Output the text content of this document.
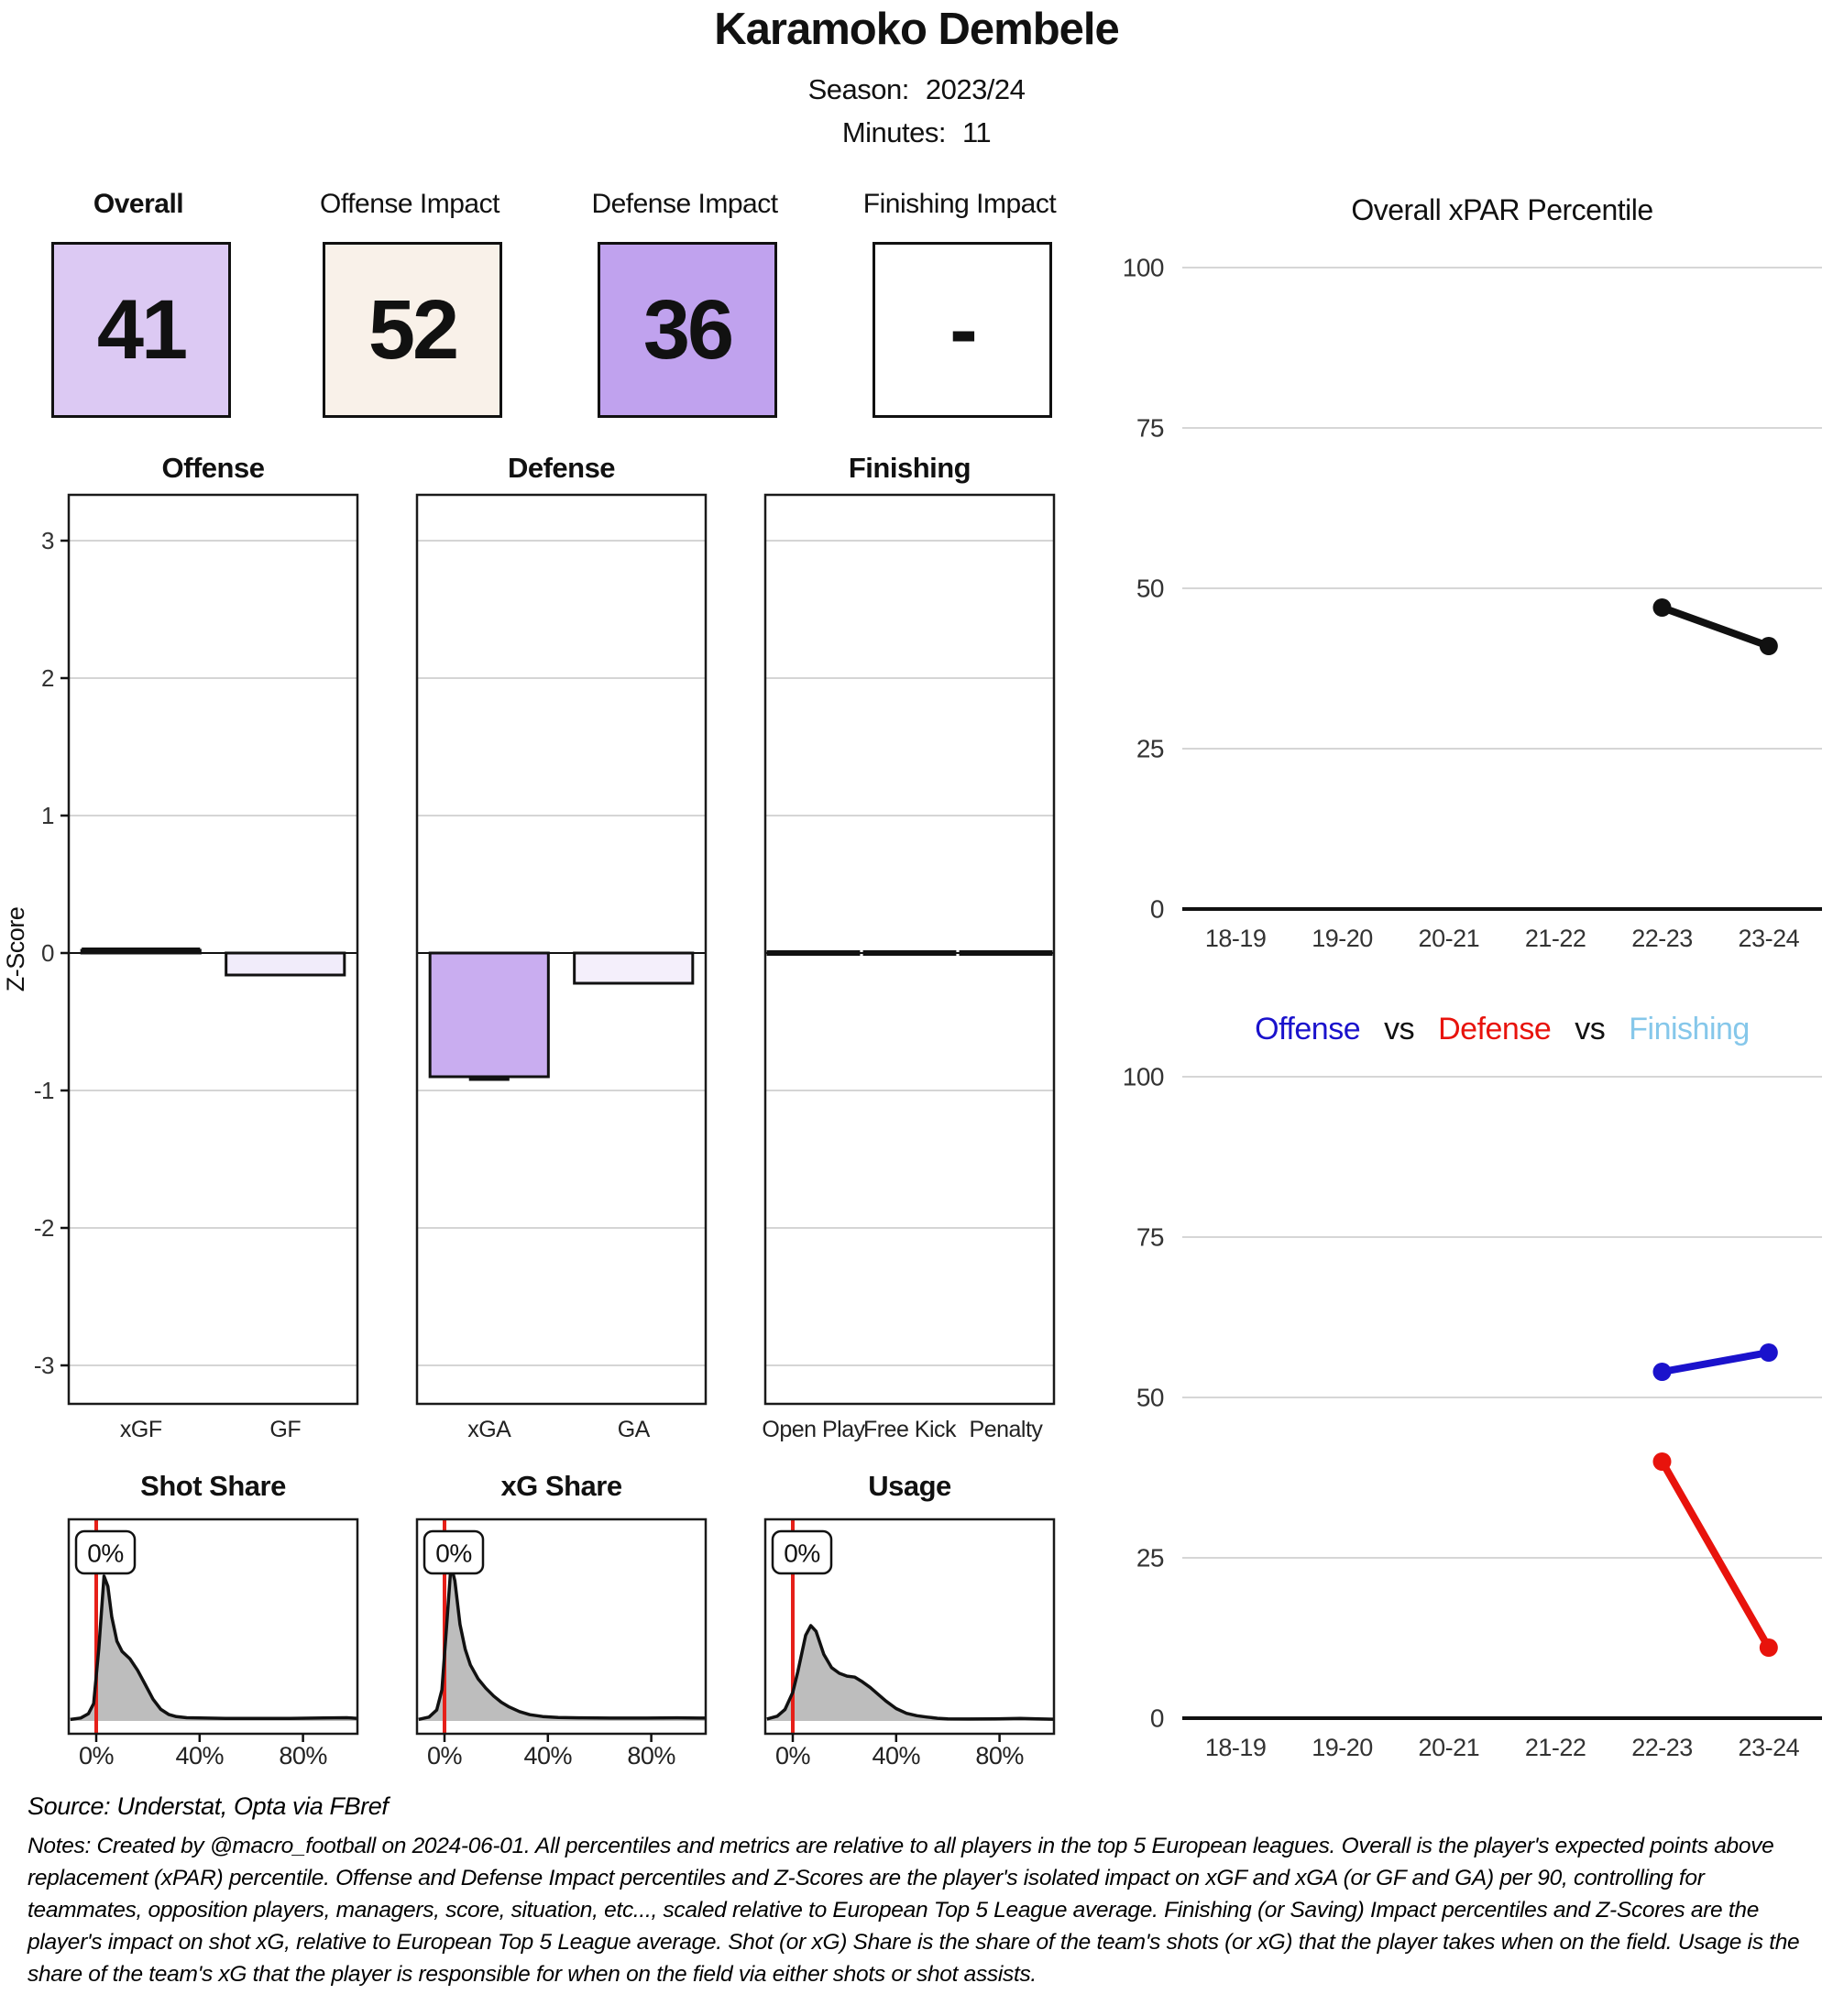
Karamoko Dembele
Season: 2023/24
Minutes: 11
Overall
41
Offense Impact
52
Defense Impact
36
Finishing Impact
-
xGF	GF
Offense
3
2
1
0
-1
-2
-3
xGA	GA
Defense
Open Play
Free Kick Penalty
Finishing
Z-Score	0
25
50
75
100
18-19 19-20 20-21 21-22 22-23 23-24
Overall xPAR Percentile
0
25
50
75
100
18-19 19-20 20-21 21-22 22-23 23-24
0%
0%	40% 80%
Shot Share
0%
0%	40% 80%
xG Share
0%
0%	40% 80%
Usage
Offense vs Defense vs Finishing
Source: Understat, Opta via FBref
Notes: Created by @macro_football on 2024-06-01. All percentiles and metrics are relative to all players in the top 5 European leagues. Overall is the player's expected points above replacement (xPAR) percentile. Offense and Defense Impact percentiles and Z-Scores are the player's isolated impact on xGF and xGA (or GF and GA) per 90, controlling for teammates, opposition players, managers, score, situation, etc..., scaled relative to European Top 5 League average. Finishing (or Saving) Impact percentiles and Z-Scores are the player's impact on shot xG, relative to European Top 5 League average. Shot (or xG) Share is the share of the team's shots (or xG) that the player takes when on the field. Usage is the share of the team's xG that the player is responsible for when on the field via either shots or shot assists.
